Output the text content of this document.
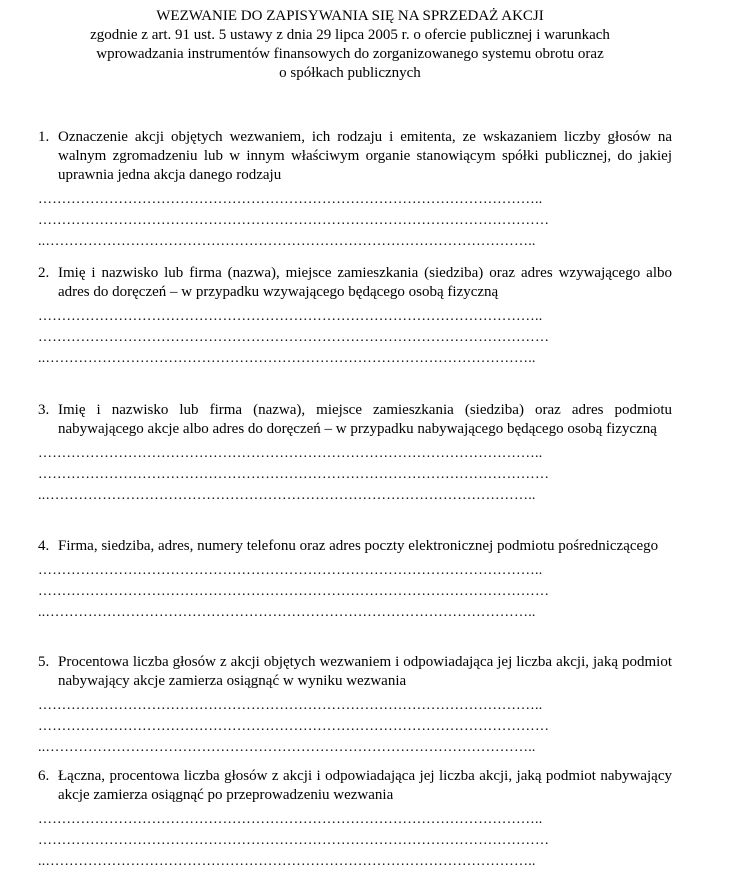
WEZWANIE DO ZAPISYWANIA SIĘ NA SPRZEDAŻ AKCJI
zgodnie z art. 91 ust. 5 ustawy z dnia 29 lipca 2005 r. o ofercie publicznej i warunkach
wprowadzania instrumentów finansowych do zorganizowanego systemu obrotu oraz
o spółkach publicznych
1. Oznaczenie akcji objętych wezwaniem, ich rodzaju i emitenta, ze wskazaniem liczby głosów na walnym zgromadzeniu lub w innym właściwym organie stanowiącym spółki publicznej, do jakiej uprawnia jedna akcja danego rodzaju
……………………………………………………………………………………………..
………………………………………………………………………………………………
..…………………………………………………………………………………………..
2. Imię i nazwisko lub firma (nazwa), miejsce zamieszkania (siedziba) oraz adres wzywającego albo adres do doręczeń – w przypadku wzywającego będącego osobą fizyczną
……………………………………………………………………………………………..
………………………………………………………………………………………………
..…………………………………………………………………………………………..
3. Imię i nazwisko lub firma (nazwa), miejsce zamieszkania (siedziba) oraz adres podmiotu nabywającego akcje albo adres do doręczeń – w przypadku nabywającego będącego osobą fizyczną
……………………………………………………………………………………………..
………………………………………………………………………………………………
..…………………………………………………………………………………………..
4. Firma, siedziba, adres, numery telefonu oraz adres poczty elektronicznej podmiotu pośredniczącego
……………………………………………………………………………………………..
………………………………………………………………………………………………
..…………………………………………………………………………………………..
5. Procentowa liczba głosów z akcji objętych wezwaniem i odpowiadająca jej liczba akcji, jaką podmiot nabywający akcje zamierza osiągnąć w wyniku wezwania
……………………………………………………………………………………………..
………………………………………………………………………………………………
..…………………………………………………………………………………………..
6. Łączna, procentowa liczba głosów z akcji i odpowiadająca jej liczba akcji, jaką podmiot nabywający akcje zamierza osiągnąć po przeprowadzeniu wezwania
……………………………………………………………………………………………..
………………………………………………………………………………………………
..…………………………………………………………………………………………..
